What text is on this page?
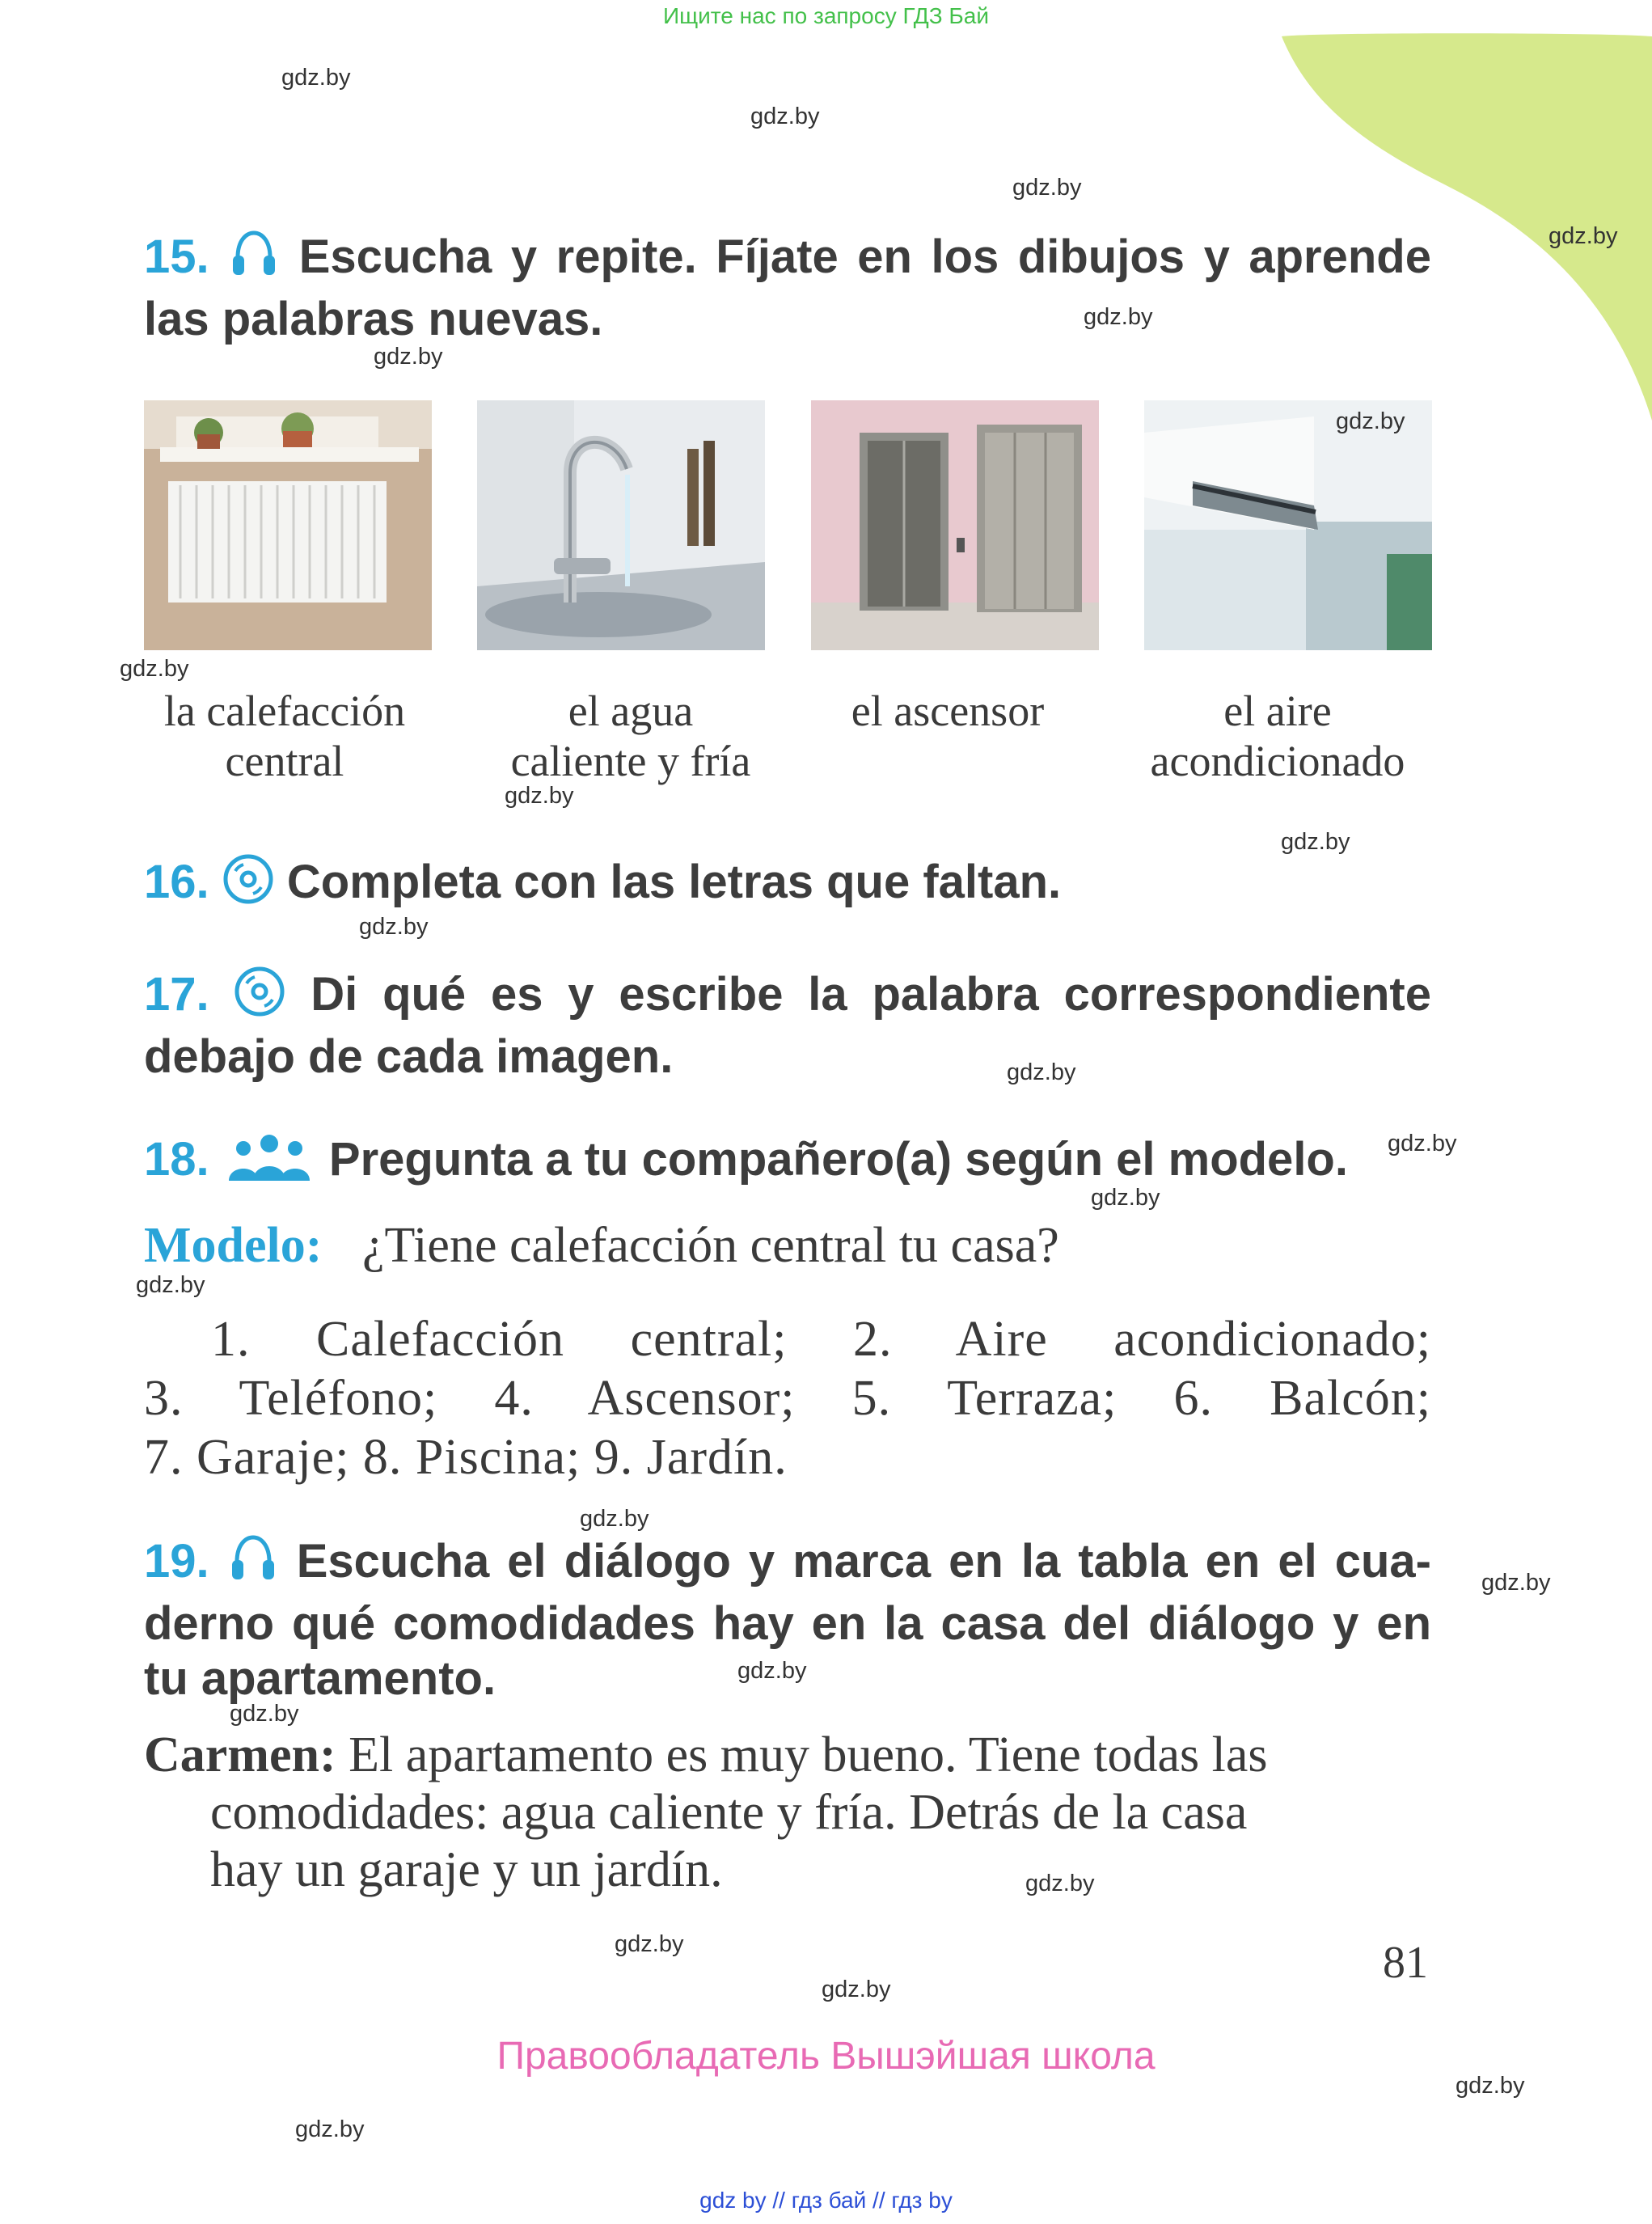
Ищите нас по запросу ГДЗ Бай
15. Escucha y repite. Fíjate en los dibujos y aprende las palabras nuevas.
la calefacción
central
el agua
caliente y fría
el ascensor	el aire
acondicionado
16. Completa con las letras que faltan.
17. Di qué es y escribe la palabra correspondiente debajo de cada imagen.
18.	Pregunta a tu compañero(a) según el modelo.
Modelo: ¿Tiene calefacción central tu casa?
1. Calefacción central; 2. Aire acondicionado;
3. Teléfono; 4. Ascensor; 5. Terraza; 6. Balcón;
7. Garaje; 8. Piscina; 9. Jardín.
19. Escucha el diálogo y marca en la tabla en el cua-
derno qué comodidades hay en la casa del diálogo y en
tu apartamento.
Carmen: El apartamento es muy bueno. Tiene todas las
comodidades: agua caliente y fría. Detrás de la casa
hay un garaje y un jardín.
81
Правообладатель Вышэйшая школа
gdz by // гдз бай // гдз by
gdz.by
gdz.by
gdz.by
gdz.by
gdz.by
gdz.by
gdz.by
gdz.by
gdz.by
gdz.by
gdz.by
gdz.by
gdz.by
gdz.by
gdz.by
gdz.by
gdz.by
gdz.by
gdz.by
gdz.by
gdz.by
gdz.by
gdz.by
gdz.by
